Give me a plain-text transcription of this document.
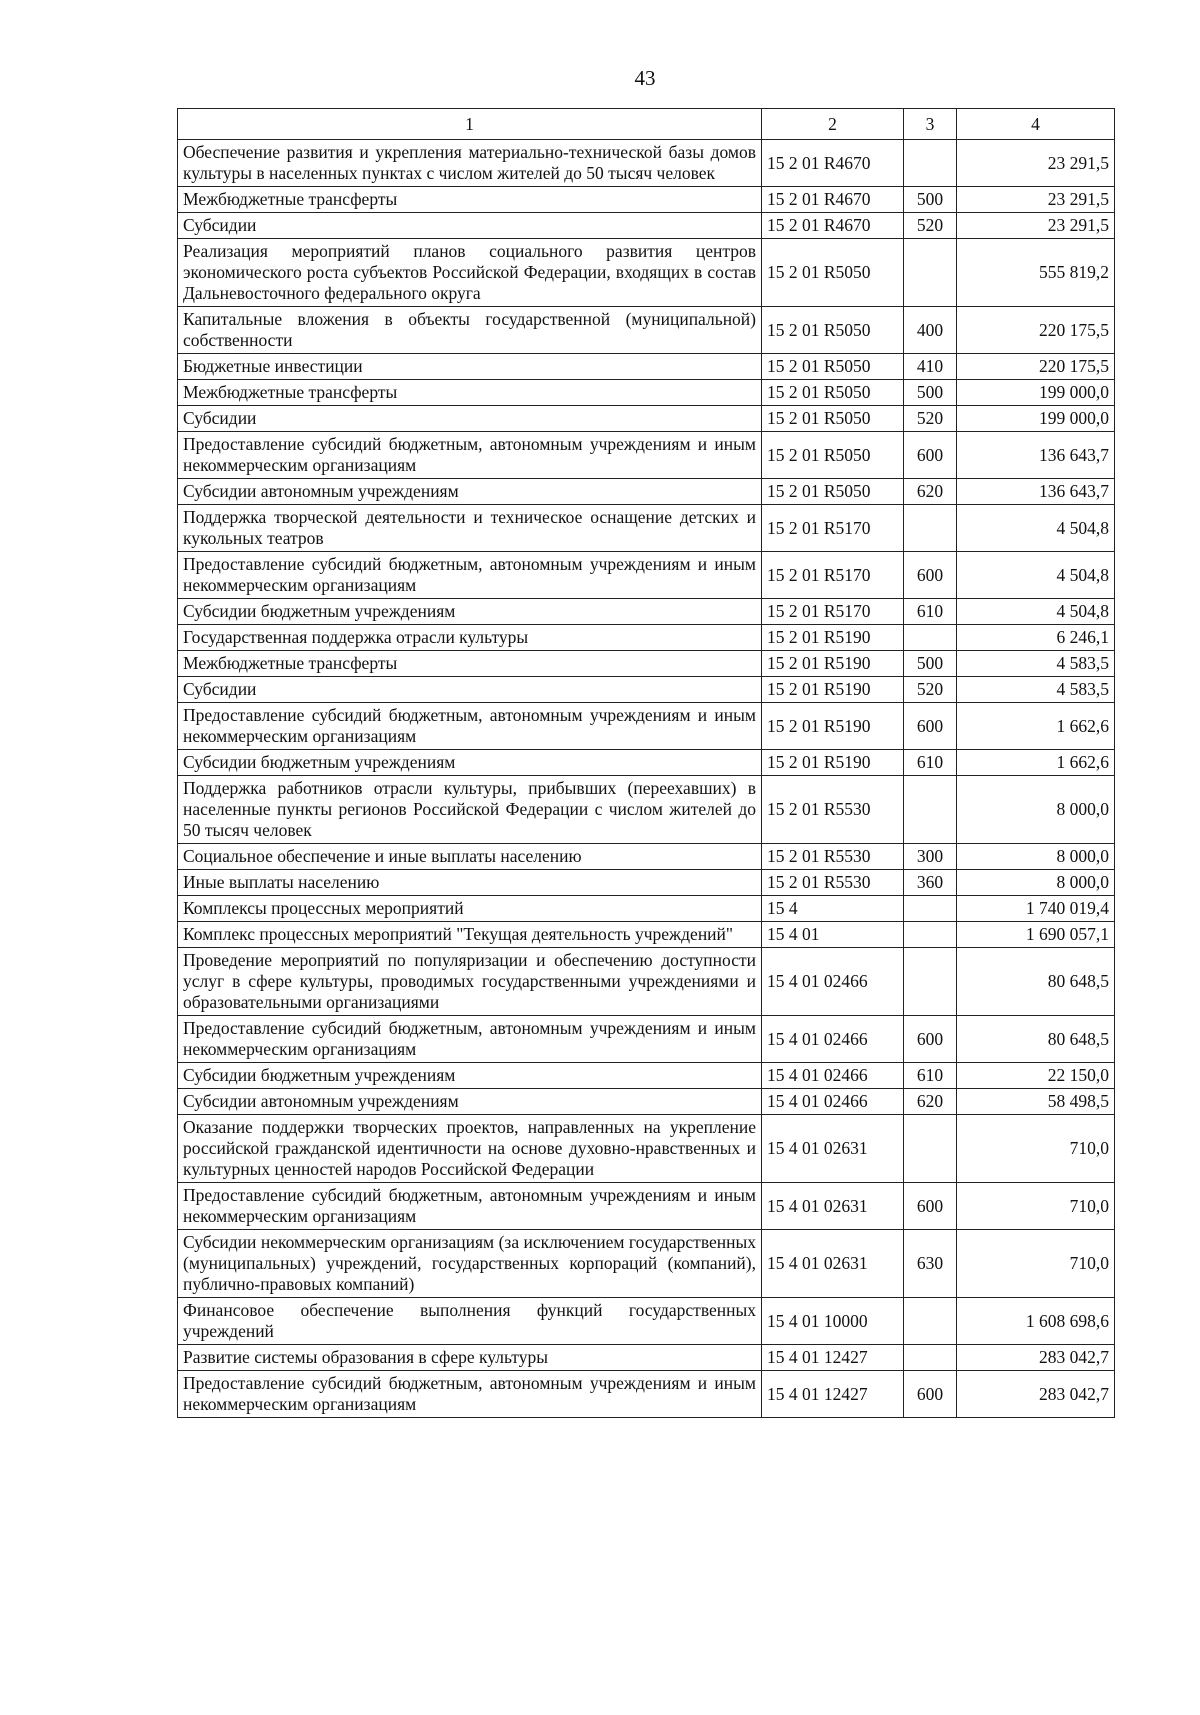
43
1	2	3	4
Обеспечение развития и укрепления материально-технической базы домов культуры в населенных пунктах с числом жителей до 50 тысяч человек	15 2 01 R4670		23 291,5
Межбюджетные трансферты	15 2 01 R4670	500	23 291,5
Субсидии	15 2 01 R4670	520	23 291,5
Реализация мероприятий планов социального развития центров экономического роста субъектов Российской Федерации, входящих в состав Дальневосточного федерального округа	15 2 01 R5050		555 819,2
Капитальные вложения в объекты государственной (муниципальной) собственности	15 2 01 R5050	400	220 175,5
Бюджетные инвестиции	15 2 01 R5050	410	220 175,5
Межбюджетные трансферты	15 2 01 R5050	500	199 000,0
Субсидии	15 2 01 R5050	520	199 000,0
Предоставление субсидий бюджетным, автономным учреждениям и иным некоммерческим организациям	15 2 01 R5050	600	136 643,7
Субсидии автономным учреждениям	15 2 01 R5050	620	136 643,7
Поддержка творческой деятельности и техническое оснащение детских и кукольных театров	15 2 01 R5170		4 504,8
Предоставление субсидий бюджетным, автономным учреждениям и иным некоммерческим организациям	15 2 01 R5170	600	4 504,8
Субсидии бюджетным учреждениям	15 2 01 R5170	610	4 504,8
Государственная поддержка отрасли культуры	15 2 01 R5190		6 246,1
Межбюджетные трансферты	15 2 01 R5190	500	4 583,5
Субсидии	15 2 01 R5190	520	4 583,5
Предоставление субсидий бюджетным, автономным учреждениям и иным некоммерческим организациям	15 2 01 R5190	600	1 662,6
Субсидии бюджетным учреждениям	15 2 01 R5190	610	1 662,6
Поддержка работников отрасли культуры, прибывших (переехавших) в населенные пункты регионов Российской Федерации с числом жителей до 50 тысяч человек	15 2 01 R5530		8 000,0
Социальное обеспечение и иные выплаты населению	15 2 01 R5530	300	8 000,0
Иные выплаты населению	15 2 01 R5530	360	8 000,0
Комплексы процессных мероприятий	15 4		1 740 019,4
Комплекс процессных мероприятий "Текущая деятельность учреждений"	15 4 01		1 690 057,1
Проведение мероприятий по популяризации и обеспечению доступности услуг в сфере культуры, проводимых государственными учреждениями и образовательными организациями	15 4 01 02466		80 648,5
Предоставление субсидий бюджетным, автономным учреждениям и иным некоммерческим организациям	15 4 01 02466	600	80 648,5
Субсидии бюджетным учреждениям	15 4 01 02466	610	22 150,0
Субсидии автономным учреждениям	15 4 01 02466	620	58 498,5
Оказание поддержки творческих проектов, направленных на укрепление российской гражданской идентичности на основе духовно-нравственных и культурных ценностей народов Российской Федерации	15 4 01 02631		710,0
Предоставление субсидий бюджетным, автономным учреждениям и иным некоммерческим организациям	15 4 01 02631	600	710,0
Субсидии некоммерческим организациям (за исключением государственных (муниципальных) учреждений, государственных корпораций (компаний), публично-правовых компаний)	15 4 01 02631	630	710,0
Финансовое обеспечение выполнения функций государственных учреждений	15 4 01 10000		1 608 698,6
Развитие системы образования в сфере культуры	15 4 01 12427		283 042,7
Предоставление субсидий бюджетным, автономным учреждениям и иным некоммерческим организациям	15 4 01 12427	600	283 042,7
